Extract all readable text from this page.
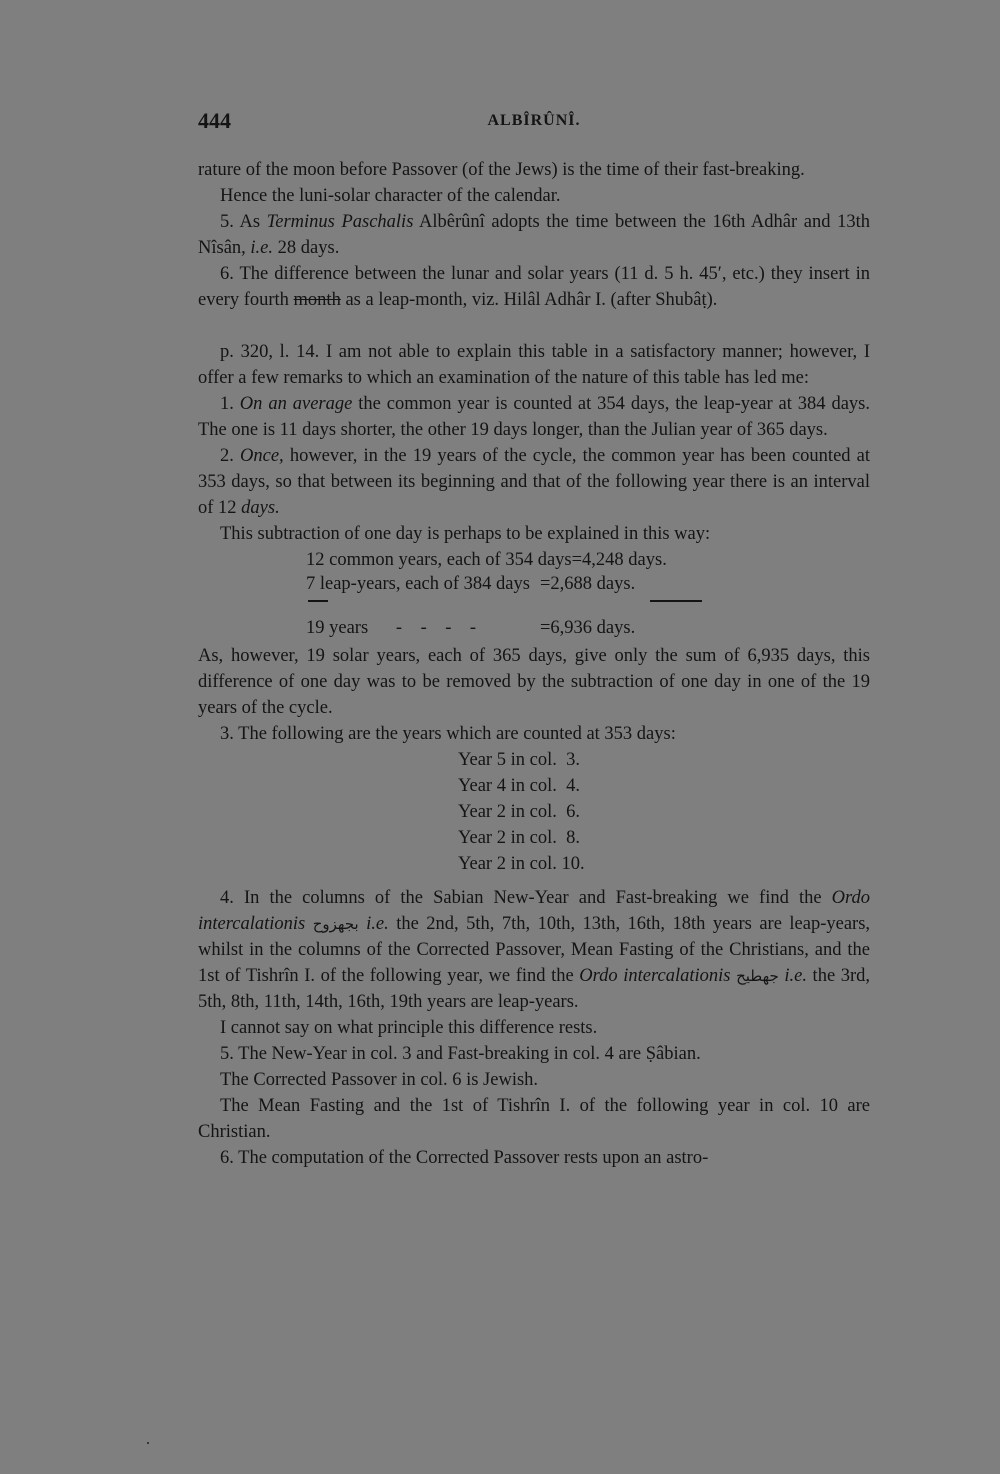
444	ALBÎRÛNÎ.

rature of the moon before Passover (of the Jews) is the time of their fast-breaking.

Hence the luni-solar character of the calendar.

5. As Terminus Paschalis Albêrûnî adopts the time between the 16th Adhâr and 13th Nîsân, i.e. 28 days.

6. The difference between the lunar and solar years (11 d. 5 h. 45′, etc.) they insert in every fourth month as a leap-month, viz. Hilâl Adhâr I. (after Shubâṭ).

p. 320, l. 14. I am not able to explain this table in a satisfactory manner; however, I offer a few remarks to which an examination of the nature of this table has led me:

1. On an average the common year is counted at 354 days, the leap-year at 384 days. The one is 11 days shorter, the other 19 days longer, than the Julian year of 365 days.

2. Once, however, in the 19 years of the cycle, the common year has been counted at 353 days, so that between its beginning and that of the following year there is an interval of 12 days.

This subtraction of one day is perhaps to be explained in this way:

12 common years, each of 354 days=4,248 days.
7 leap-years, each of 384 days =2,688 days.
19 years      -    -    -    -	=6,936 days.

As, however, 19 solar years, each of 365 days, give only the sum of 6,935 days, this difference of one day was to be removed by the subtraction of one day in one of the 19 years of the cycle.

3. The following are the years which are counted at 353 days:

Year 5 in col.  3.
Year 4 in col.  4.
Year 2 in col.  6.
Year 2 in col.  8.
Year 2 in col. 10.

4. In the columns of the Sabian New-Year and Fast-breaking we find the Ordo intercalationis بجهزوح i.e. the 2nd, 5th, 7th, 10th, 13th, 16th, 18th years are leap-years, whilst in the columns of the Corrected Passover, Mean Fasting of the Christians, and the 1st of Tishrîn I. of the following year, we find the Ordo intercalationis جهطيح i.e. the 3rd, 5th, 8th, 11th, 14th, 16th, 19th years are leap-years.

I cannot say on what principle this difference rests.

5. The New-Year in col. 3 and Fast-breaking in col. 4 are Ṣâbian.

The Corrected Passover in col. 6 is Jewish.

The Mean Fasting and the 1st of Tishrîn I. of the following year in col. 10 are Christian.

6. The computation of the Corrected Passover rests upon an astro-
